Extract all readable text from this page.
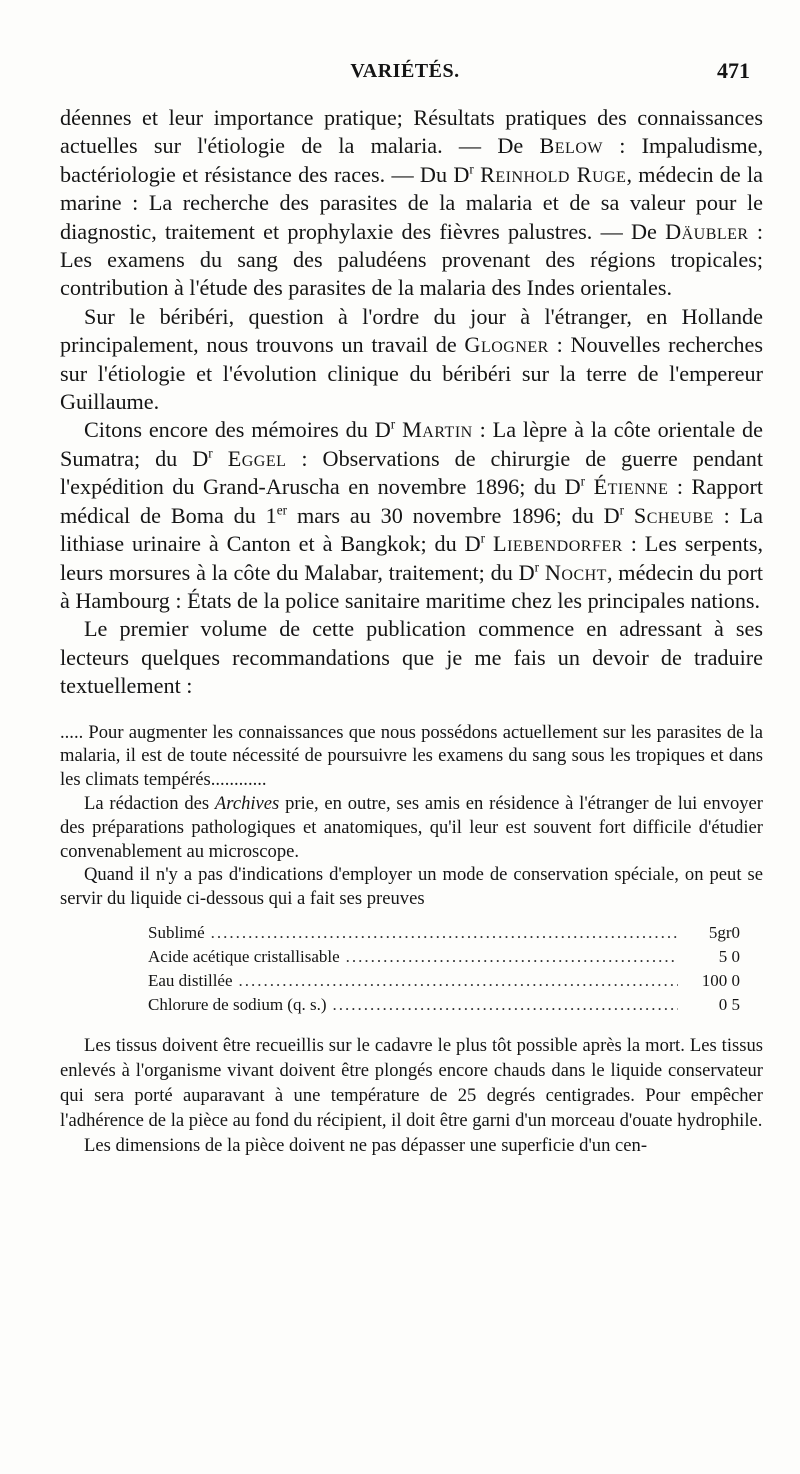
VARIÉTÉS.	471

déennes et leur importance pratique; Résultats pratiques des connaissances actuelles sur l'étiologie de la malaria. — De Below : Impaludisme, bactériologie et résistance des races. — Du $D^r$ Reinhold Ruge, médecin de la marine : La recherche des parasites de la malaria et de sa valeur pour le diagnostic, traitement et prophylaxie des fièvres palustres. — De Däubler : Les examens du sang des paludéens provenant des régions tropicales; contribution à l'étude des parasites de la malaria des Indes orientales.

Sur le béribéri, question à l'ordre du jour à l'étranger, en Hollande principalement, nous trouvons un travail de Glogner : Nouvelles recherches sur l'étiologie et l'évolution clinique du béribéri sur la terre de l'empereur Guillaume.

Citons encore des mémoires du $D^r$ Martin : La lèpre à la côte orientale de Sumatra; du $D^r$ Eggel : Observations de chirurgie de guerre pendant l'expédition du Grand-Aruscha en novembre 1896; du $D^r$ Étienne : Rapport médical de Boma du 1er mars au 30 novembre 1896; du $D^r$ Scheube : La lithiase urinaire à Canton et à Bangkok; du $D^r$ Liebendorfer : Les serpents, leurs morsures à la côte du Malabar, traitement; du $D^r$ Nocht, médecin du port à Hambourg : États de la police sanitaire maritime chez les principales nations.

Le premier volume de cette publication commence en adressant à ses lecteurs quelques recommandations que je me fais un devoir de traduire textuellement :

..... Pour augmenter les connaissances que nous possédons actuellement sur les parasites de la malaria, il est de toute nécessité de poursuivre les examens du sang sous les tropiques et dans les climats tempérés............

La rédaction des Archives prie, en outre, ses amis en résidence à l'étranger de lui envoyer des préparations pathologiques et anatomiques, qu'il leur est souvent fort difficile d'étudier convenablement au microscope.

Quand il n'y a pas d'indications d'employer un mode de conservation spéciale, on peut se servir du liquide ci-dessous qui a fait ses preuves

Sublimé .....	5gr0
Acide acétique cristallisable .....	5 0
Eau distillée .....	100 0
Chlorure de sodium (q. s.) .....	0 5

Les tissus doivent être recueillis sur le cadavre le plus tôt possible après la mort. Les tissus enlevés à l'organisme vivant doivent être plongés encore chauds dans le liquide conservateur qui sera porté auparavant à une température de 25 degrés centigrades. Pour empêcher l'adhérence de la pièce au fond du récipient, il doit être garni d'un morceau d'ouate hydrophile.

Les dimensions de la pièce doivent ne pas dépasser une superficie d'un cen-
